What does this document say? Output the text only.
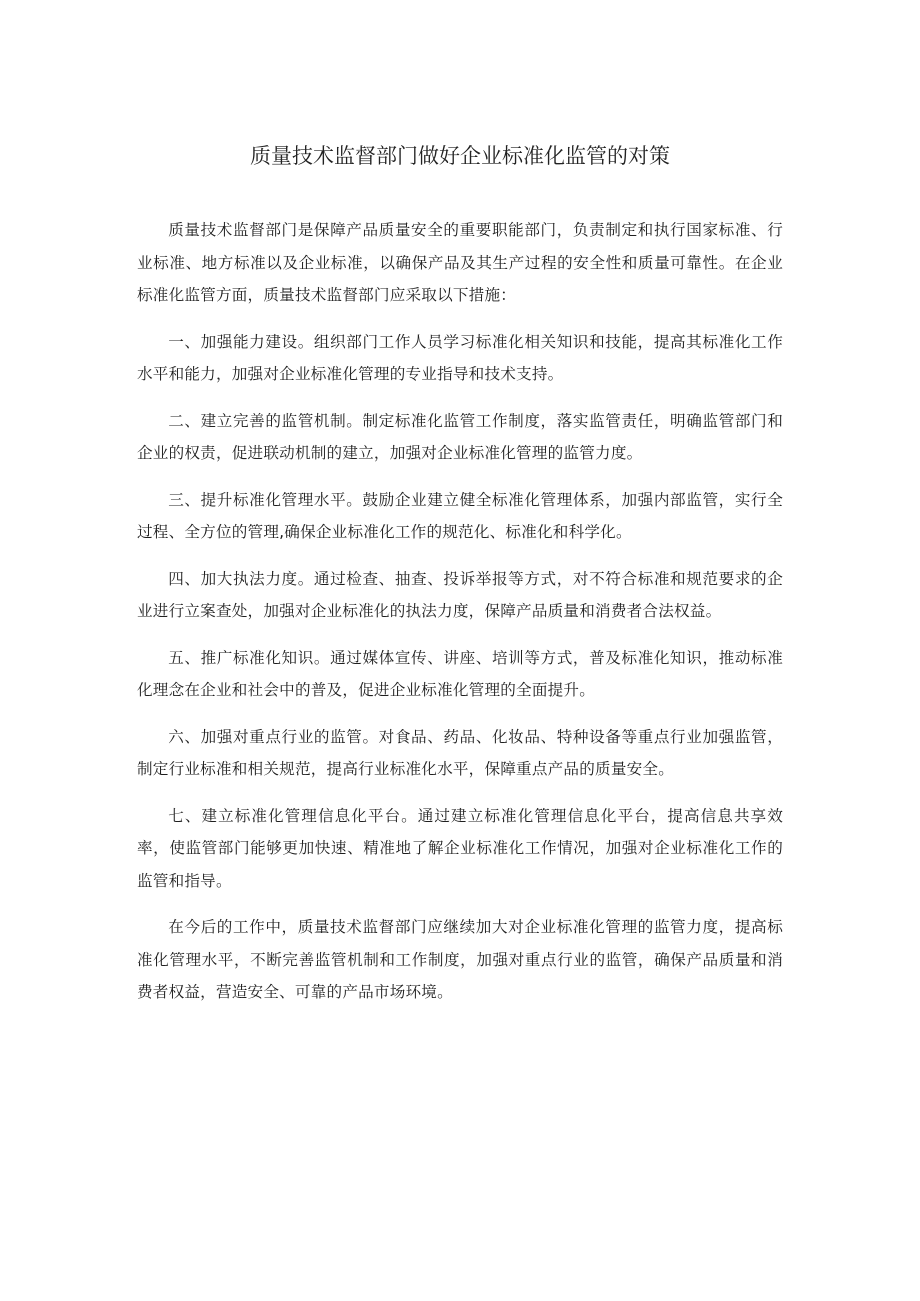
质量技术监督部门做好企业标准化监管的对策

质量技术监督部门是保障产品质量安全的重要职能部门，负责制定和执行国家标准、行业标准、地方标准以及企业标准，以确保产品及其生产过程的安全性和质量可靠性。在企业标准化监管方面，质量技术监督部门应采取以下措施：

一、加强能力建设。组织部门工作人员学习标准化相关知识和技能，提高其标准化工作水平和能力，加强对企业标准化管理的专业指导和技术支持。

二、建立完善的监管机制。制定标准化监管工作制度，落实监管责任，明确监管部门和企业的权责，促进联动机制的建立，加强对企业标准化管理的监管力度。

三、提升标准化管理水平。鼓励企业建立健全标准化管理体系，加强内部监管，实行全过程、全方位的管理,确保企业标准化工作的规范化、标准化和科学化。

四、加大执法力度。通过检查、抽查、投诉举报等方式，对不符合标准和规范要求的企业进行立案查处，加强对企业标准化的执法力度，保障产品质量和消费者合法权益。

五、推广标准化知识。通过媒体宣传、讲座、培训等方式，普及标准化知识，推动标准化理念在企业和社会中的普及，促进企业标准化管理的全面提升。

六、加强对重点行业的监管。对食品、药品、化妆品、特种设备等重点行业加强监管，制定行业标准和相关规范，提高行业标准化水平，保障重点产品的质量安全。

七、建立标准化管理信息化平台。通过建立标准化管理信息化平台，提高信息共享效率，使监管部门能够更加快速、精准地了解企业标准化工作情况，加强对企业标准化工作的监管和指导。

在今后的工作中，质量技术监督部门应继续加大对企业标准化管理的监管力度，提高标准化管理水平，不断完善监管机制和工作制度，加强对重点行业的监管，确保产品质量和消费者权益，营造安全、可靠的产品市场环境。
